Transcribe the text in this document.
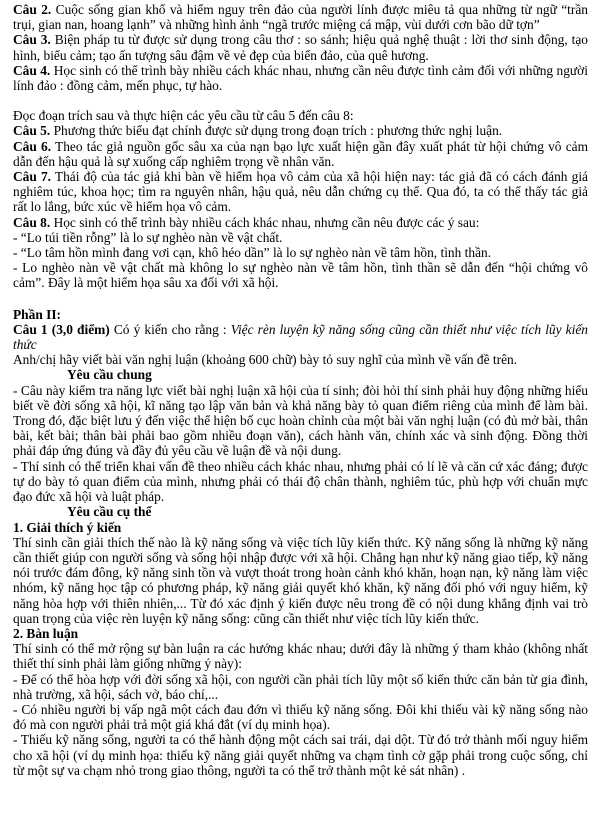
Câu 2. Cuộc sống gian khổ và hiểm nguy trên đảo của người lính được miêu tả qua những từ ngữ “trần trụi, gian nan, hoang lạnh” và những hình ảnh “ngã trước miệng cá mập, vùi dưới cơn bão dữ tợn”

Câu 3. Biện pháp tu từ được sử dụng trong câu thơ : so sánh; hiệu quả nghệ thuật : lời thơ sinh động, tạo hình, biểu cảm; tạo ấn tượng sâu đậm về vẻ đẹp của biển đảo, của quê hương.

Câu 4. Học sinh có thể trình bày nhiều cách khác nhau, nhưng cần nêu được tình cảm đối với những người lính đảo : đồng cảm, mến phục, tự hào.

Đọc đoạn trích sau và thực hiện các yêu cầu từ câu 5 đến câu 8:

Câu 5. Phương thức biểu đạt chính được sử dụng trong đoạn trích : phương thức nghị luận.

Câu 6. Theo tác giả nguồn gốc sâu xa của nạn bạo lực xuất hiện gần đây xuất phát từ hội chứng vô cảm dẫn đến hậu quả là sự xuống cấp nghiêm trọng về nhân văn.

Câu 7. Thái độ của tác giả khi bàn về hiểm họa vô cảm của xã hội hiện nay: tác giả đã có cách đánh giá nghiêm túc, khoa học; tìm ra nguyên nhân, hậu quả, nêu dẫn chứng cụ thể. Qua đó, ta có thể thấy tác giả rất lo lắng, bức xúc về hiểm họa vô cảm.

Câu 8. Học sinh có thể trình bày nhiều cách khác nhau, nhưng cần nêu được các ý sau:

- “Lo túi tiền rỗng” là lo sự nghèo nàn về vật chất.

- “Lo tâm hồn mình đang vơi cạn, khô héo dần” là lo sự nghèo nàn về tâm hồn, tình thần.

- Lo nghèo nàn về vật chất mà không lo sự nghèo nàn về tâm hồn, tình thần sẽ dẫn đến “hội chứng vô cảm”. Đây là một hiểm họa sâu xa đối với xã hội.

Phần II:

Câu 1 (3,0 điểm) Có ý kiến cho rằng : Việc rèn luyện kỹ năng sống cũng cần thiết như việc tích lũy kiến thức

Anh/chị hãy viết bài văn nghị luận (khoảng 600 chữ) bày tỏ suy nghĩ của mình về vấn đề trên.

Yêu cầu chung

- Câu này kiểm tra năng lực viết bài nghị luận xã hội của tí sinh; đòi hỏi thí sinh phải huy động những hiểu biết về đời sống xã hội, kĩ năng tạo lập văn bản và khả năng bày tỏ quan điểm riêng của mình để làm bài. Trong đó, đặc biệt lưu ý đến việc thể hiện bố cục hoàn chỉnh của một bài văn nghị luận (có đủ mở bài, thân bài, kết bài; thân bài phải bao gồm nhiều đoạn văn), cách hành văn, chính xác và sinh động. Đồng thời phải đáp ứng đúng và đầy đủ yêu cầu về luận đề và nội dung.

- Thí sinh có thể triển khai vấn đề theo nhiều cách khác nhau, nhưng phải có lí lẽ và căn cứ xác đáng; được tự do bày tỏ quan điểm của mình, nhưng phải có thái độ chân thành, nghiêm túc, phù hợp với chuẩn mực đạo đức xã hội và luật pháp.

Yêu cầu cụ thể

1. Giải thích ý kiến

Thí sinh cần giải thích thế nào là kỹ năng sống và việc tích lũy kiến thức. Kỹ năng sống là những kỹ năng cần thiết giúp con người sống và sống hội nhập được với xã hội. Chẳng hạn như kỹ năng giao tiếp, kỹ năng nói trước đám đông, kỹ năng sinh tồn và vượt thoát trong hoàn cảnh khó khăn, hoạn nạn, kỹ năng làm việc nhóm, kỹ năng học tập có phương pháp, kỹ năng giải quyết khó khăn, kỹ năng đối phó với nguy hiểm, kỹ năng hòa hợp với thiên nhiên,... Từ đó xác định ý kiến được nêu trong đề có nội dung khẳng định vai trò quan trọng của việc rèn luyện kỹ năng sống: cũng cần thiết như việc tích lũy kiến thức.

2. Bàn luận

Thí sinh có thể mở rộng sự bàn luận ra các hướng khác nhau; dưới đây là những ý tham khảo (không nhất thiết thí sinh phải làm giống những ý này):

- Để có thể hòa hợp với đời sống xã hội, con người cần phải tích lũy một số kiến thức căn bản từ gia đình, nhà trường, xã hội, sách vở, báo chí,...

- Có nhiều người bị vấp ngã một cách đau đớn vì thiếu kỹ năng sống. Đôi khi thiếu vài kỹ năng sống nào đó mà con người phải trả một giá khá đắt (ví dụ minh họa).

- Thiếu kỹ năng sống, người ta có thể hành động một cách sai trái, dại dột. Từ đó trở thành mối nguy hiểm cho xã hội (ví dụ minh họa: thiếu kỹ năng giải quyết những va chạm tình cờ gặp phải trong cuộc sống, chỉ từ một sự va chạm nhỏ trong giao thông, người ta có thể trở thành một kẻ sát nhân) .
